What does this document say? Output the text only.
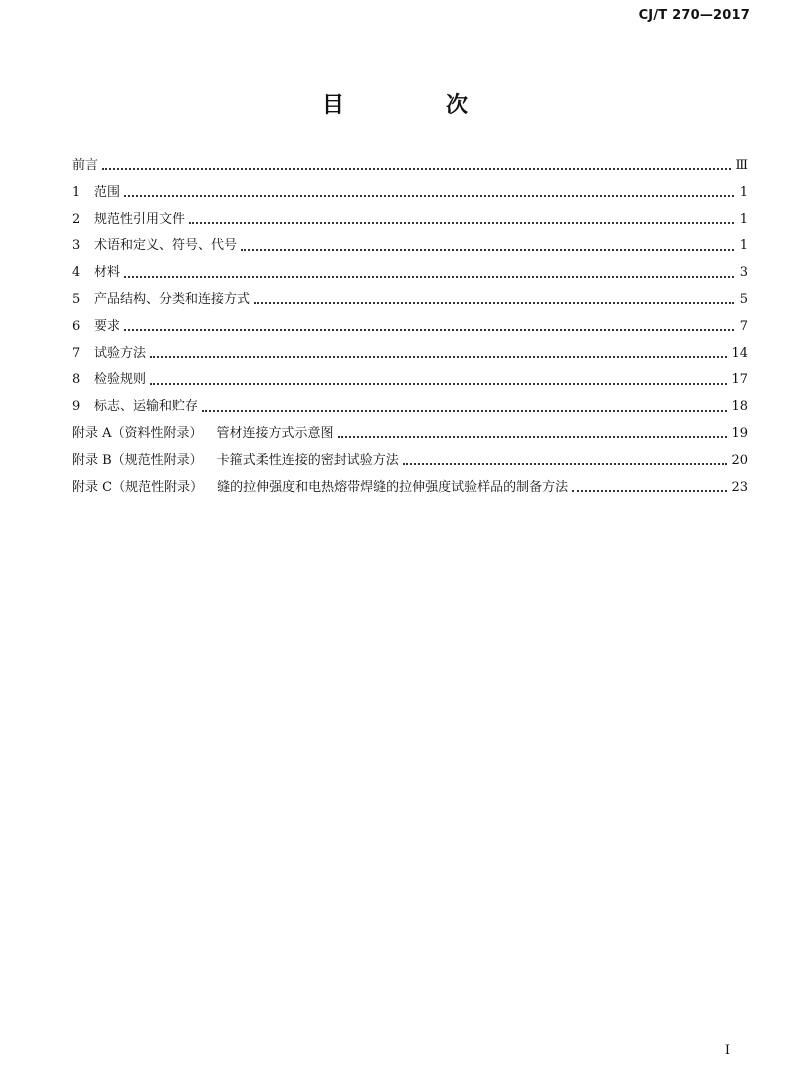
CJ/T 270—2017
目　次
前言	Ⅲ
1	范围	1
2	规范性引用文件	1
3	术语和定义、符号、代号	1
4	材料	3
5	产品结构、分类和连接方式	5
6	要求	7
7	试验方法	14
8	检验规则	17
9	标志、运输和贮存	18
附录 A（资料性附录） 管材连接方式示意图	19
附录 B（规范性附录） 卡箍式柔性连接的密封试验方法	20
附录 C（规范性附录） 缝的拉伸强度和电热熔带焊缝的拉伸强度试验样品的制备方法	23
I
